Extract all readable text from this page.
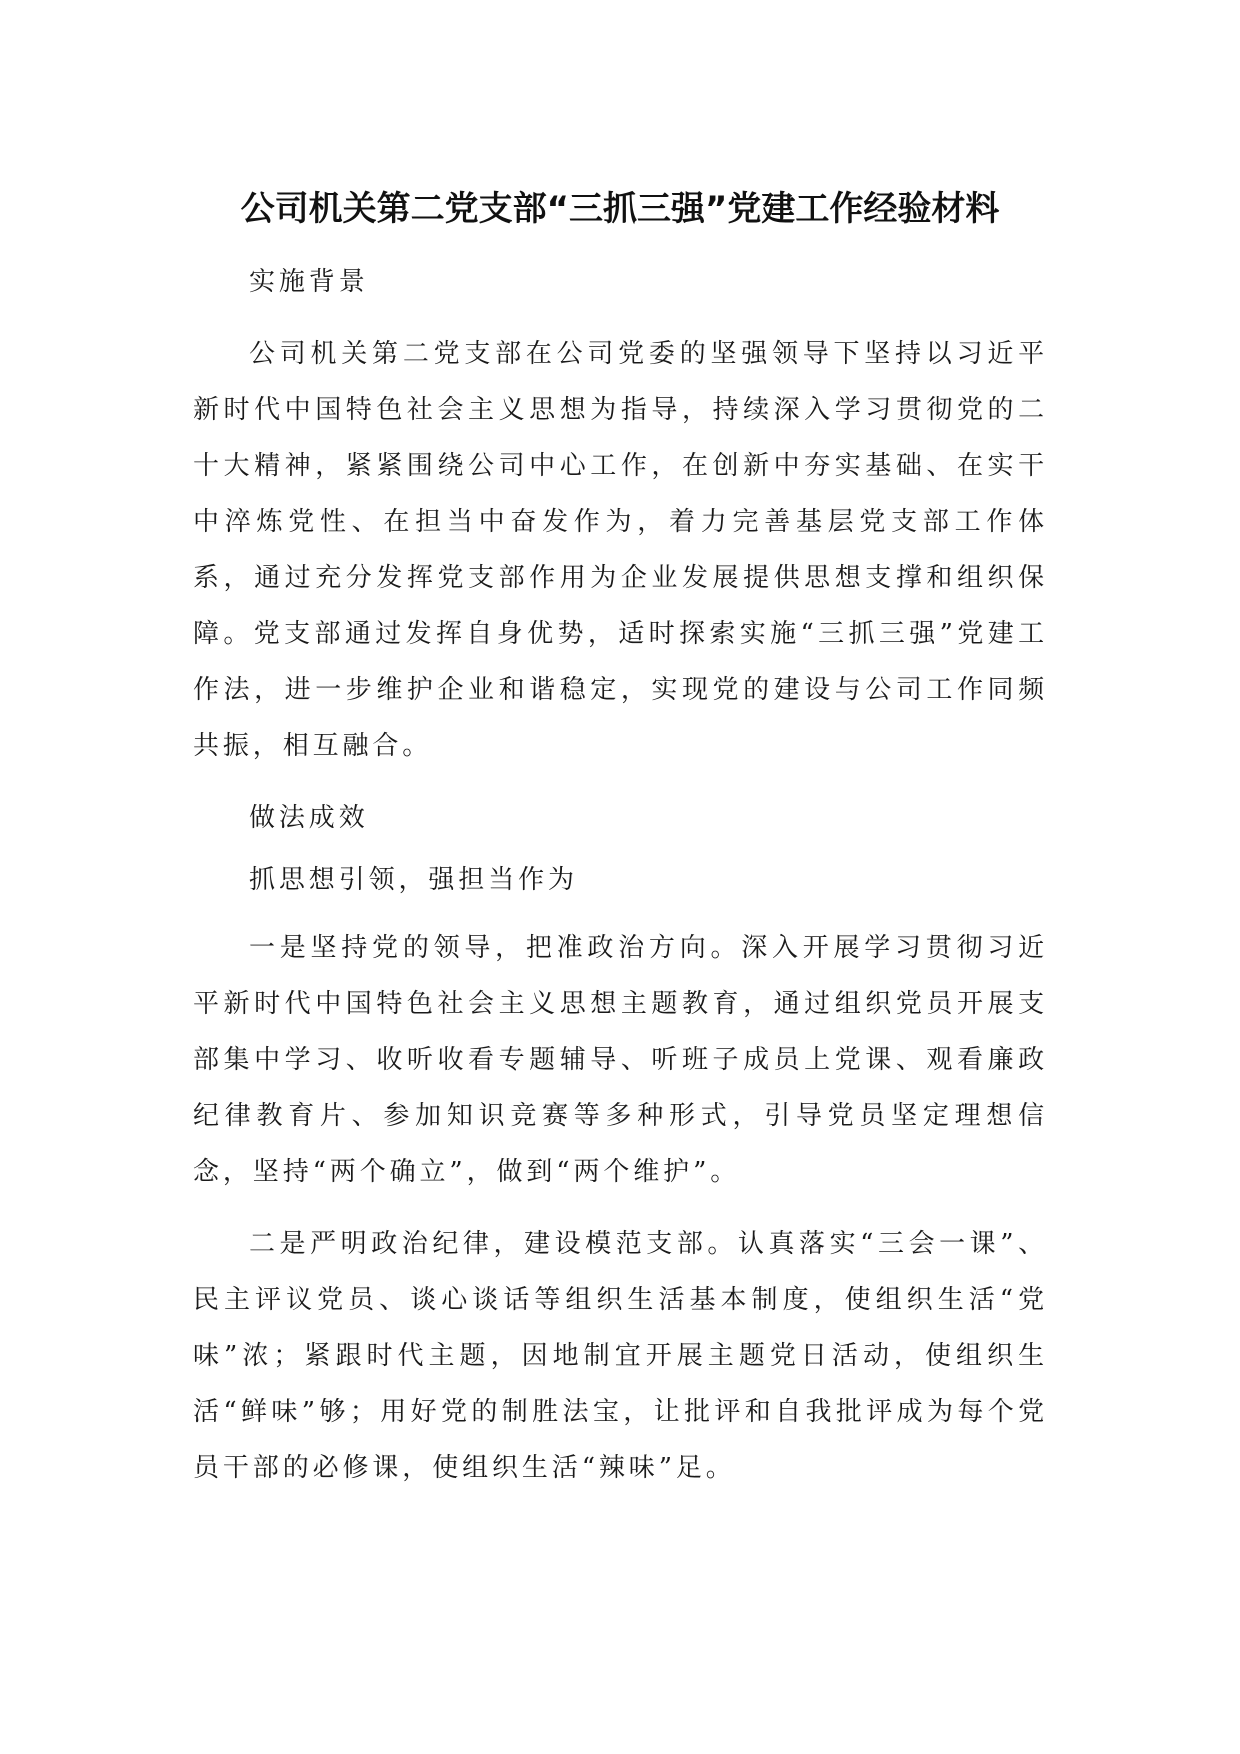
公司机关第二党支部“三抓三强”党建工作经验材料

实施背景

公司机关第二党支部在公司党委的坚强领导下坚持以习近平新时代中国特色社会主义思想为指导，持续深入学习贯彻党的二十大精神，紧紧围绕公司中心工作，在创新中夯实基础、在实干中淬炼党性、在担当中奋发作为，着力完善基层党支部工作体系，通过充分发挥党支部作用为企业发展提供思想支撑和组织保障。党支部通过发挥自身优势，适时探索实施“三抓三强”党建工作法，进一步维护企业和谐稳定，实现党的建设与公司工作同频共振，相互融合。

做法成效

抓思想引领，强担当作为

一是坚持党的领导，把准政治方向。深入开展学习贯彻习近平新时代中国特色社会主义思想主题教育，通过组织党员开展支部集中学习、收听收看专题辅导、听班子成员上党课、观看廉政纪律教育片、参加知识竞赛等多种形式，引导党员坚定理想信念，坚持“两个确立”，做到“两个维护”。

二是严明政治纪律，建设模范支部。认真落实“三会一课”、民主评议党员、谈心谈话等组织生活基本制度，使组织生活“党味”浓；紧跟时代主题，因地制宜开展主题党日活动，使组织生活“鲜味”够；用好党的制胜法宝，让批评和自我批评成为每个党员干部的必修课，使组织生活“辣味”足。
